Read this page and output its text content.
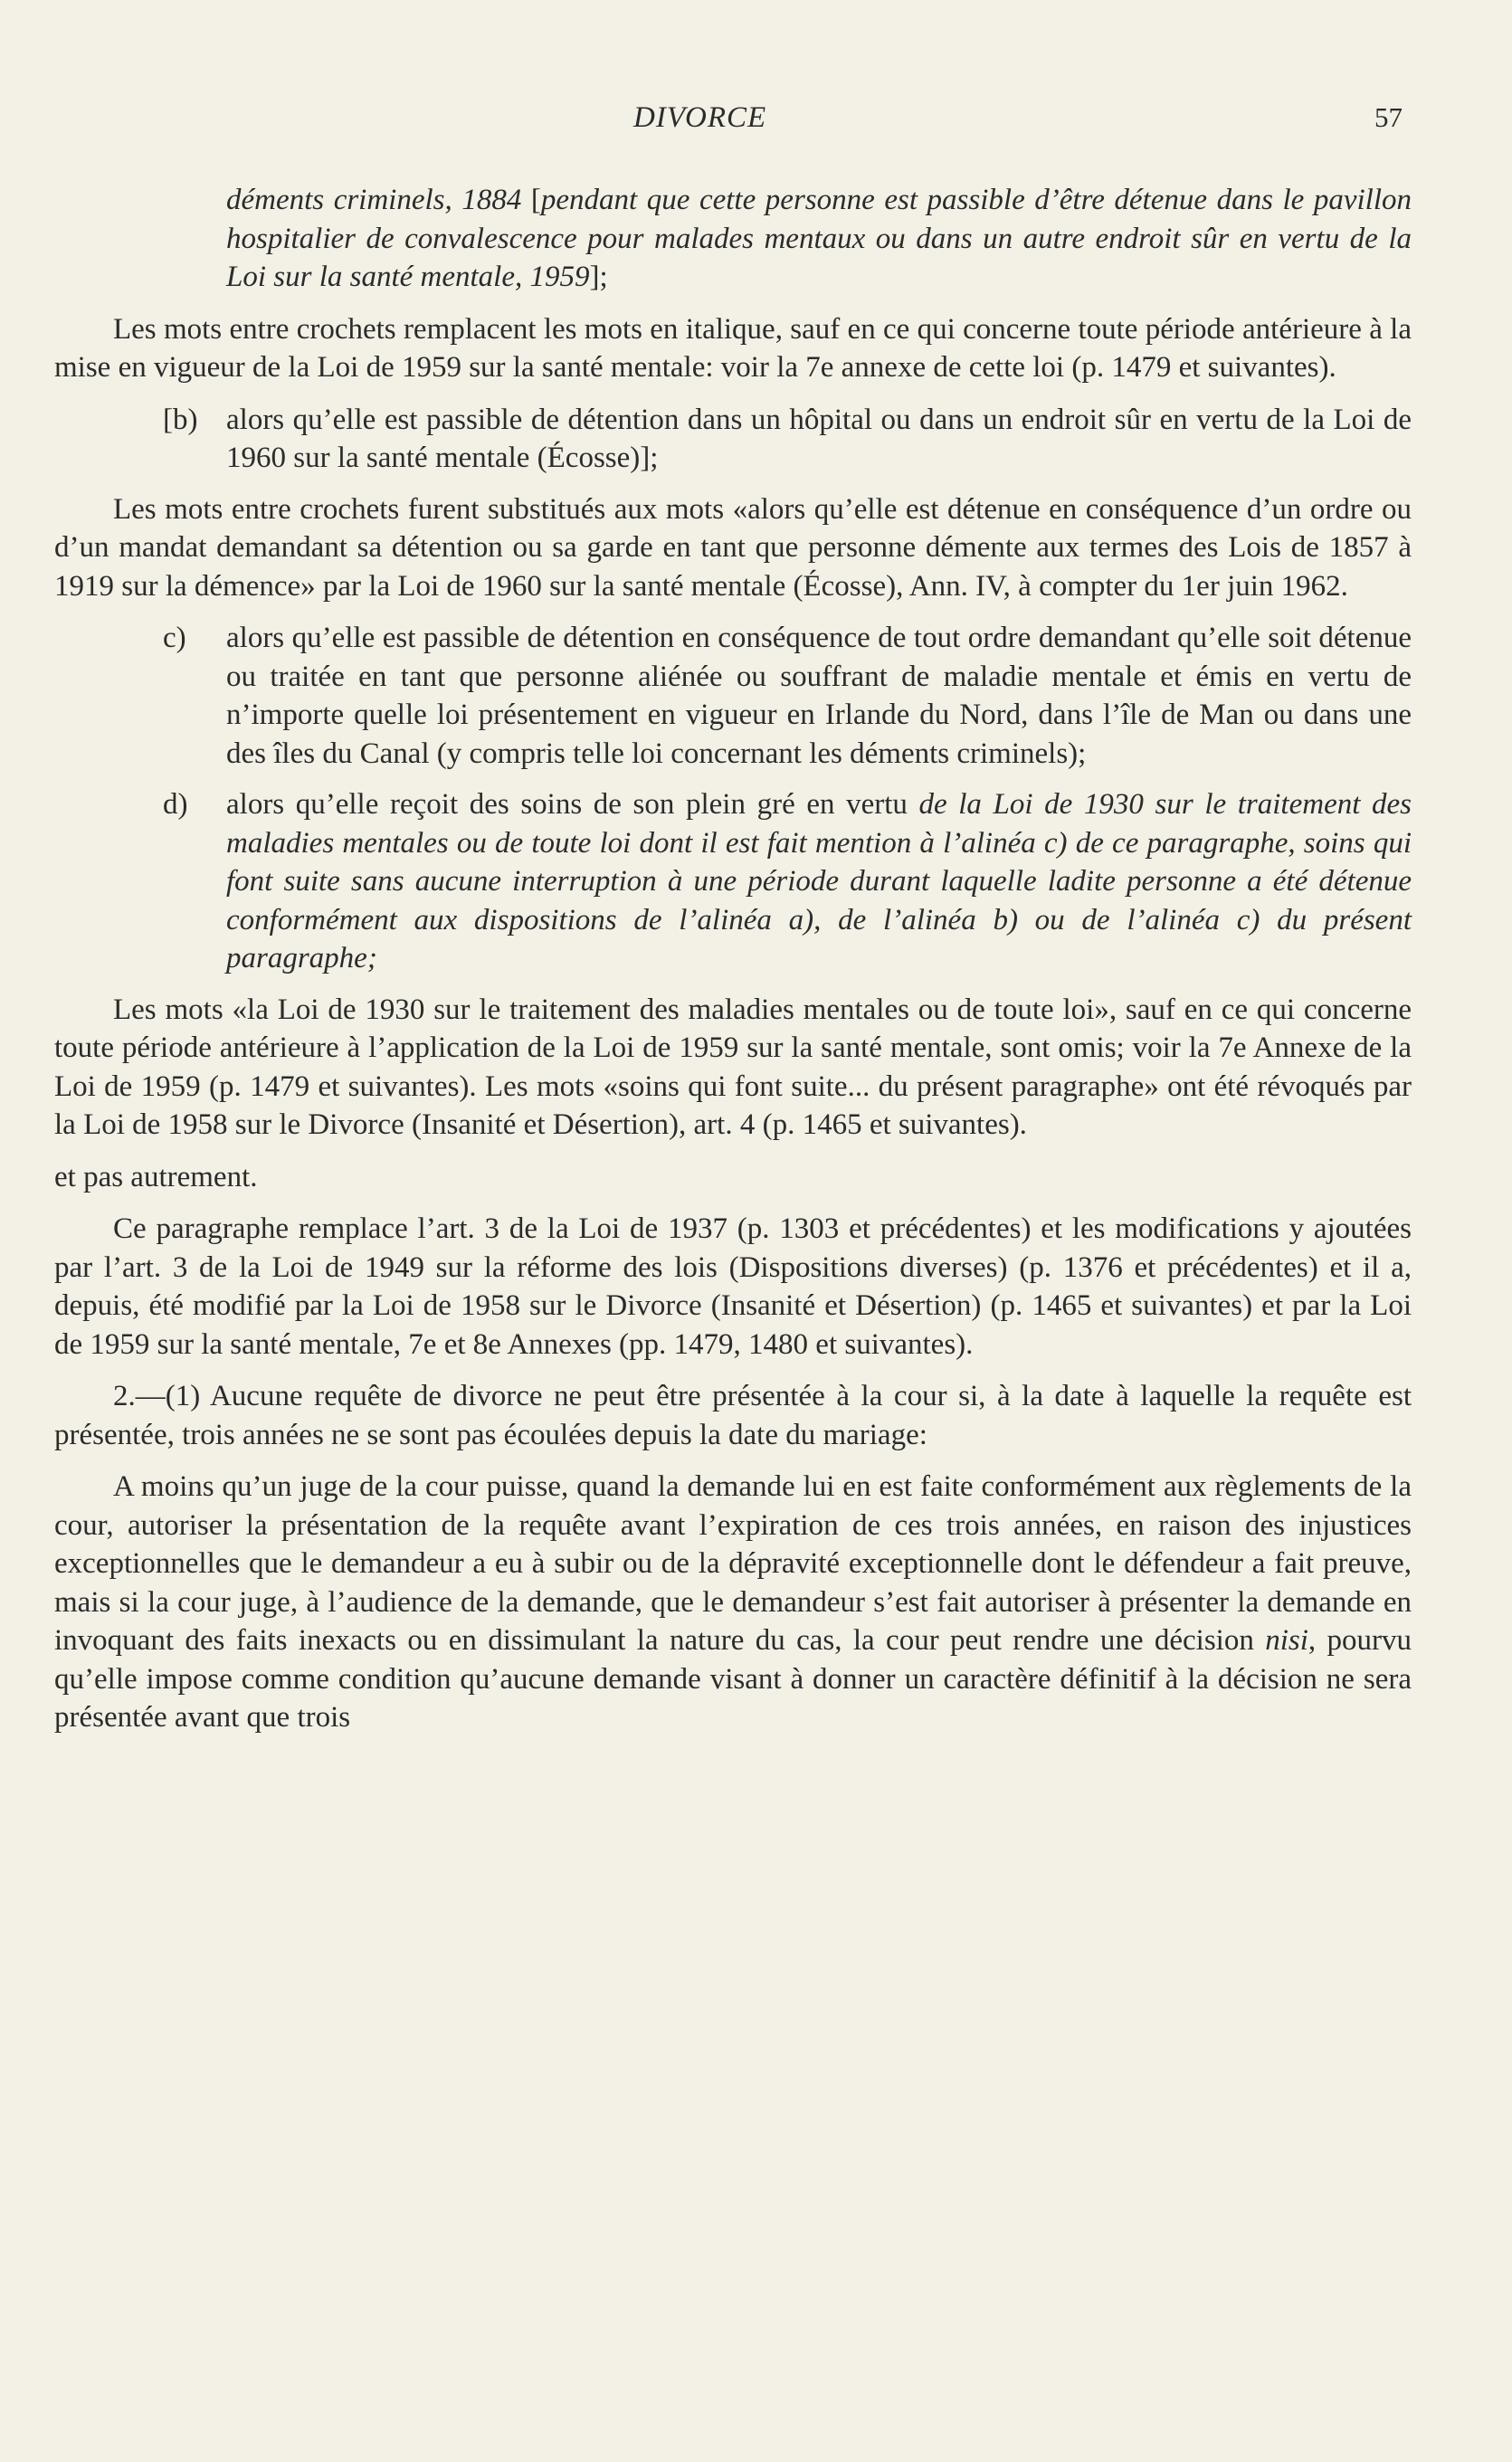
DIVORCE	57

déments criminels, 1884 [pendant que cette personne est passible d’être détenue dans le pavillon hospitalier de convalescence pour malades mentaux ou dans un autre endroit sûr en vertu de la Loi sur la santé mentale, 1959];

Les mots entre crochets remplacent les mots en italique, sauf en ce qui concerne toute période antérieure à la mise en vigueur de la Loi de 1959 sur la santé mentale: voir la 7e annexe de cette loi (p. 1479 et suivantes).

[b) alors qu’elle est passible de détention dans un hôpital ou dans un endroit sûr en vertu de la Loi de 1960 sur la santé mentale (Écosse)];

Les mots entre crochets furent substitués aux mots «alors qu’elle est détenue en conséquence d’un ordre ou d’un mandat demandant sa détention ou sa garde en tant que personne démente aux termes des Lois de 1857 à 1919 sur la démence» par la Loi de 1960 sur la santé mentale (Écosse), Ann. IV, à compter du 1er juin 1962.

c)	alors qu’elle est passible de détention en conséquence de tout ordre demandant qu’elle soit détenue ou traitée en tant que personne aliénée ou souffrant de maladie mentale et émis en vertu de n’importe quelle loi présentement en vigueur en Irlande du Nord, dans l’île de Man ou dans une des îles du Canal (y compris telle loi concernant les déments criminels);
d)	alors qu’elle reçoit des soins de son plein gré en vertu de la Loi de 1930 sur le traitement des maladies mentales ou de toute loi dont il est fait mention à l’alinéa c) de ce paragraphe, soins qui font suite sans aucune interruption à une période durant laquelle ladite personne a été détenue conformément aux dispositions de l’alinéa a), de l’alinéa b) ou de l’alinéa c) du présent paragraphe;

Les mots «la Loi de 1930 sur le traitement des maladies mentales ou de toute loi», sauf en ce qui concerne toute période antérieure à l’application de la Loi de 1959 sur la santé mentale, sont omis; voir la 7e Annexe de la Loi de 1959 (p. 1479 et suivantes). Les mots «soins qui font suite... du présent paragraphe» ont été révoqués par la Loi de 1958 sur le Divorce (Insanité et Désertion), art. 4 (p. 1465 et suivantes).

et pas autrement.

Ce paragraphe remplace l’art. 3 de la Loi de 1937 (p. 1303 et précédentes) et les modifications y ajoutées par l’art. 3 de la Loi de 1949 sur la réforme des lois (Dispositions diverses) (p. 1376 et précédentes) et il a, depuis, été modifié par la Loi de 1958 sur le Divorce (Insanité et Désertion) (p. 1465 et suivantes) et par la Loi de 1959 sur la santé mentale, 7e et 8e Annexes (pp. 1479, 1480 et suivantes).

2.—(1) Aucune requête de divorce ne peut être présentée à la cour si, à la date à laquelle la requête est présentée, trois années ne se sont pas écoulées depuis la date du mariage:

A moins qu’un juge de la cour puisse, quand la demande lui en est faite conformément aux règlements de la cour, autoriser la présentation de la requête avant l’expiration de ces trois années, en raison des injustices exceptionnelles que le demandeur a eu à subir ou de la dépravité exceptionnelle dont le défendeur a fait preuve, mais si la cour juge, à l’audience de la demande, que le demandeur s’est fait autoriser à présenter la demande en invoquant des faits inexacts ou en dissimulant la nature du cas, la cour peut rendre une décision nisi, pourvu qu’elle impose comme condition qu’aucune demande visant à donner un caractère définitif à la décision ne sera présentée avant que trois
